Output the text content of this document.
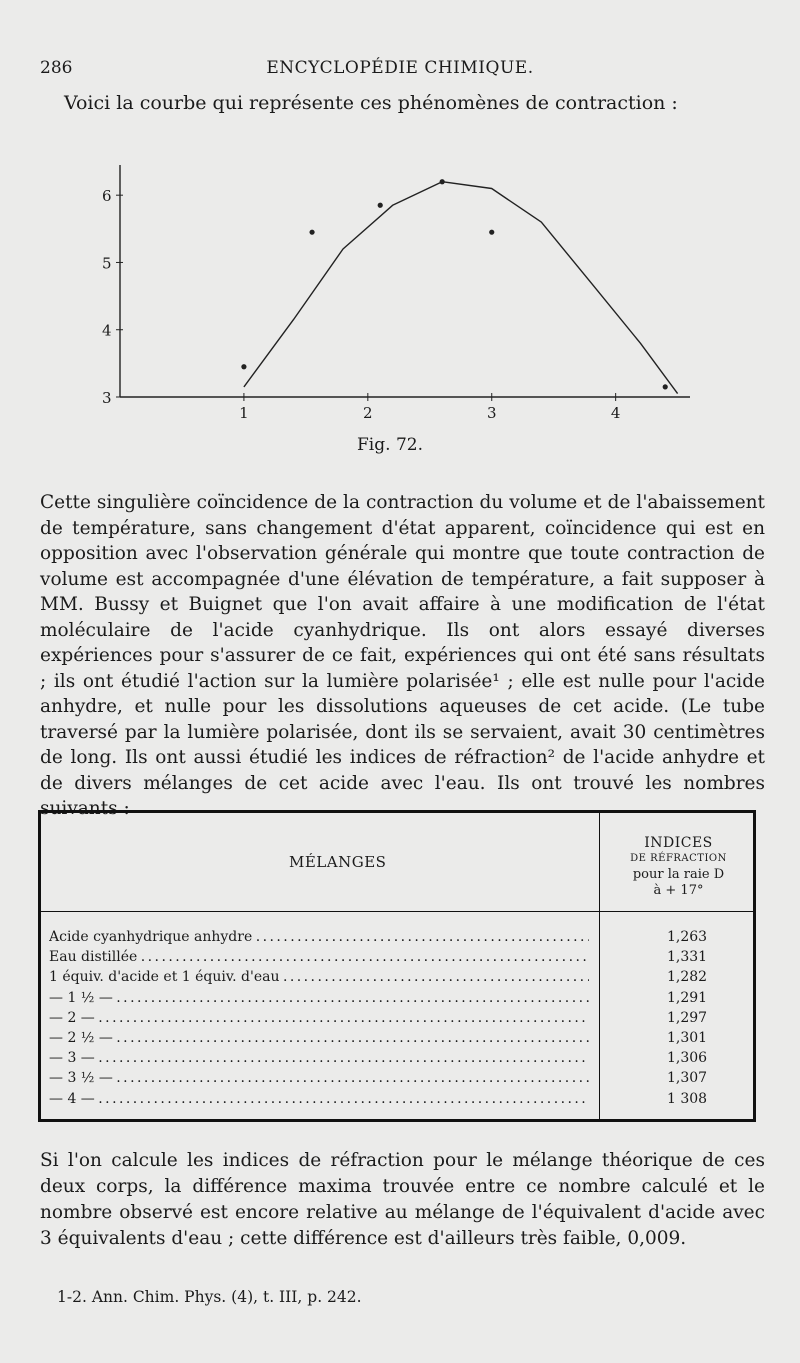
286	ENCYCLOPÉDIE CHIMIQUE.
Voici la courbe qui représente ces phénomènes de contraction :
3
4
5
6
1	2	3	4
Fig. 72.
Cette singulière coïncidence de la contraction du volume et de l'abaissement de température, sans changement d'état apparent, coïncidence qui est en opposition avec l'observation générale qui montre que toute contraction de volume est accompagnée d'une élévation de température, a fait supposer à MM. Bussy et Buignet que l'on avait affaire à une modification de l'état moléculaire de l'acide cyanhydrique. Ils ont alors essayé diverses expériences pour s'assurer de ce fait, expériences qui ont été sans résultats ; ils ont étudié l'action sur la lumière polarisée¹ ; elle est nulle pour l'acide anhydre, et nulle pour les dissolutions aqueuses de cet acide. (Le tube traversé par la lumière polarisée, dont ils se servaient, avait 30 centimètres de long. Ils ont aussi étudié les indices de réfraction² de l'acide anhydre et de divers mélanges de cet acide avec l'eau. Ils ont trouvé les nombres suivants :
MÉLANGES
INDICES
DE RÉFRACTION
pour la raie D
à + 17°
Acide cyanhydrique anhydre . . .	1,263
Eau distillée . . .	1,331
1 équiv. d'acide et 1 équiv. d'eau . . .	1,282
— 1 ½ — . . .	1,291
— 2 — . . .	1,297
— 2 ½ — . . .	1,301
— 3 — . . .	1,306
— 3 ½ — . . .	1,307
— 4 — . . .	1 308
Si l'on calcule les indices de réfraction pour le mélange théorique de ces deux corps, la différence maxima trouvée entre ce nombre calculé et le nombre observé est encore relative au mélange de l'équivalent d'acide avec 3 équivalents d'eau ; cette différence est d'ailleurs très faible, 0,009.
1-2. Ann. Chim. Phys. (4), t. III, p. 242.
